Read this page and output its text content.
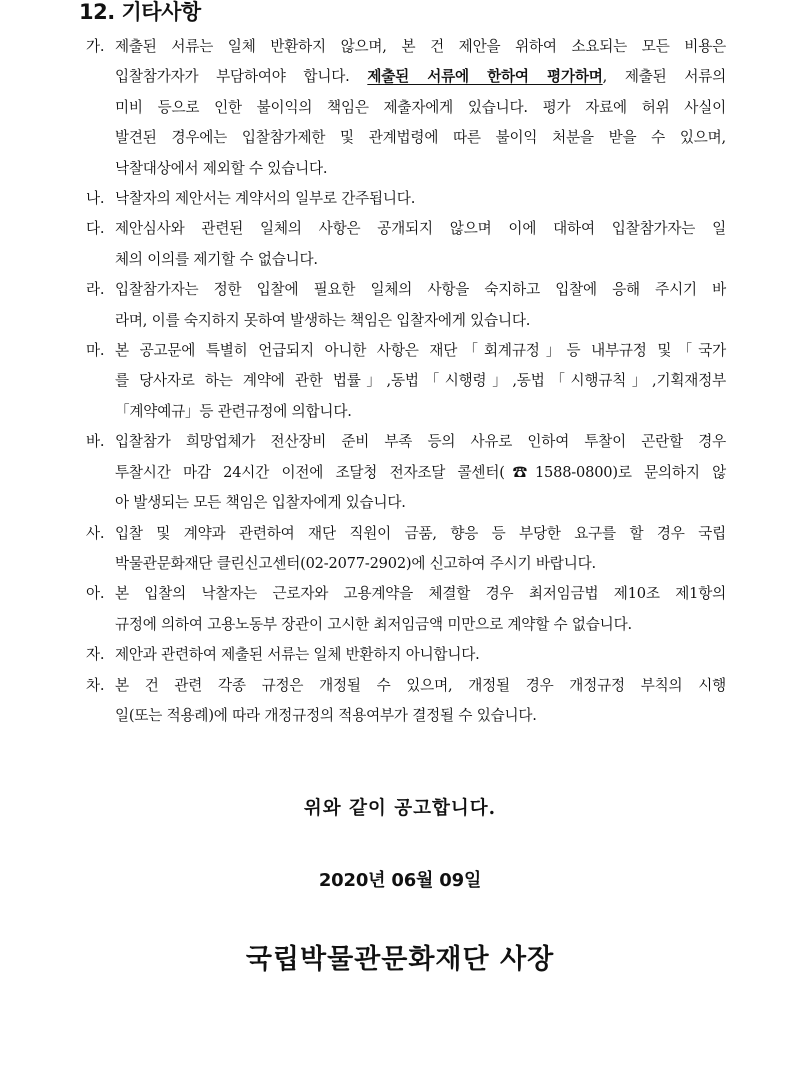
12. 기타사항
가. 제출된 서류는 일체 반환하지 않으며, 본 건 제안을 위하여 소요되는 모든 비용은
입찰참가자가 부담하여야 합니다. 제출된 서류에 한하여 평가하며, 제출된 서류의
미비 등으로 인한 불이익의 책임은 제출자에게 있습니다. 평가 자료에 허위 사실이
발견된 경우에는 입찰참가제한 및 관계법령에 따른 불이익 처분을 받을 수 있으며,
낙찰대상에서 제외할 수 있습니다.
나. 낙찰자의 제안서는 계약서의 일부로 간주됩니다.
다. 제안심사와 관련된 일체의 사항은 공개되지 않으며 이에 대하여 입찰참가자는 일
체의 이의를 제기할 수 없습니다.
라. 입찰참가자는 정한 입찰에 필요한 일체의 사항을 숙지하고 입찰에 응해 주시기 바
라며, 이를 숙지하지 못하여 발생하는 책임은 입찰자에게 있습니다.
마. 본 공고문에 특별히 언급되지 아니한 사항은 재단「회계규정」등 내부규정 및「국가
를 당사자로 하는 계약에 관한 법률」,동법「시행령」,동법「시행규칙」,기획재정부
「계약예규」등 관련규정에 의합니다.
바. 입찰참가 희망업체가 전산장비 준비 부족 등의 사유로 인하여 투찰이 곤란할 경우
투찰시간 마감 24시간 이전에 조달청 전자조달 콜센터(☎1588-0800)로 문의하지 않
아 발생되는 모든 책임은 입찰자에게 있습니다.
사. 입찰 및 계약과 관련하여 재단 직원이 금품, 향응 등 부당한 요구를 할 경우 국립
박물관문화재단 클린신고센터(02-2077-2902)에 신고하여 주시기 바랍니다.
아. 본 입찰의 낙찰자는 근로자와 고용계약을 체결할 경우 최저임금법 제10조 제1항의
규정에 의하여 고용노동부 장관이 고시한 최저임금액 미만으로 계약할 수 없습니다.
자. 제안과 관련하여 제출된 서류는 일체 반환하지 아니합니다.
차. 본 건 관련 각종 규정은 개정될 수 있으며, 개정될 경우 개정규정 부칙의 시행
일(또는 적용례)에 따라 개정규정의 적용여부가 결정될 수 있습니다.
위와 같이 공고합니다.
2020년 06월 09일
국립박물관문화재단 사장
